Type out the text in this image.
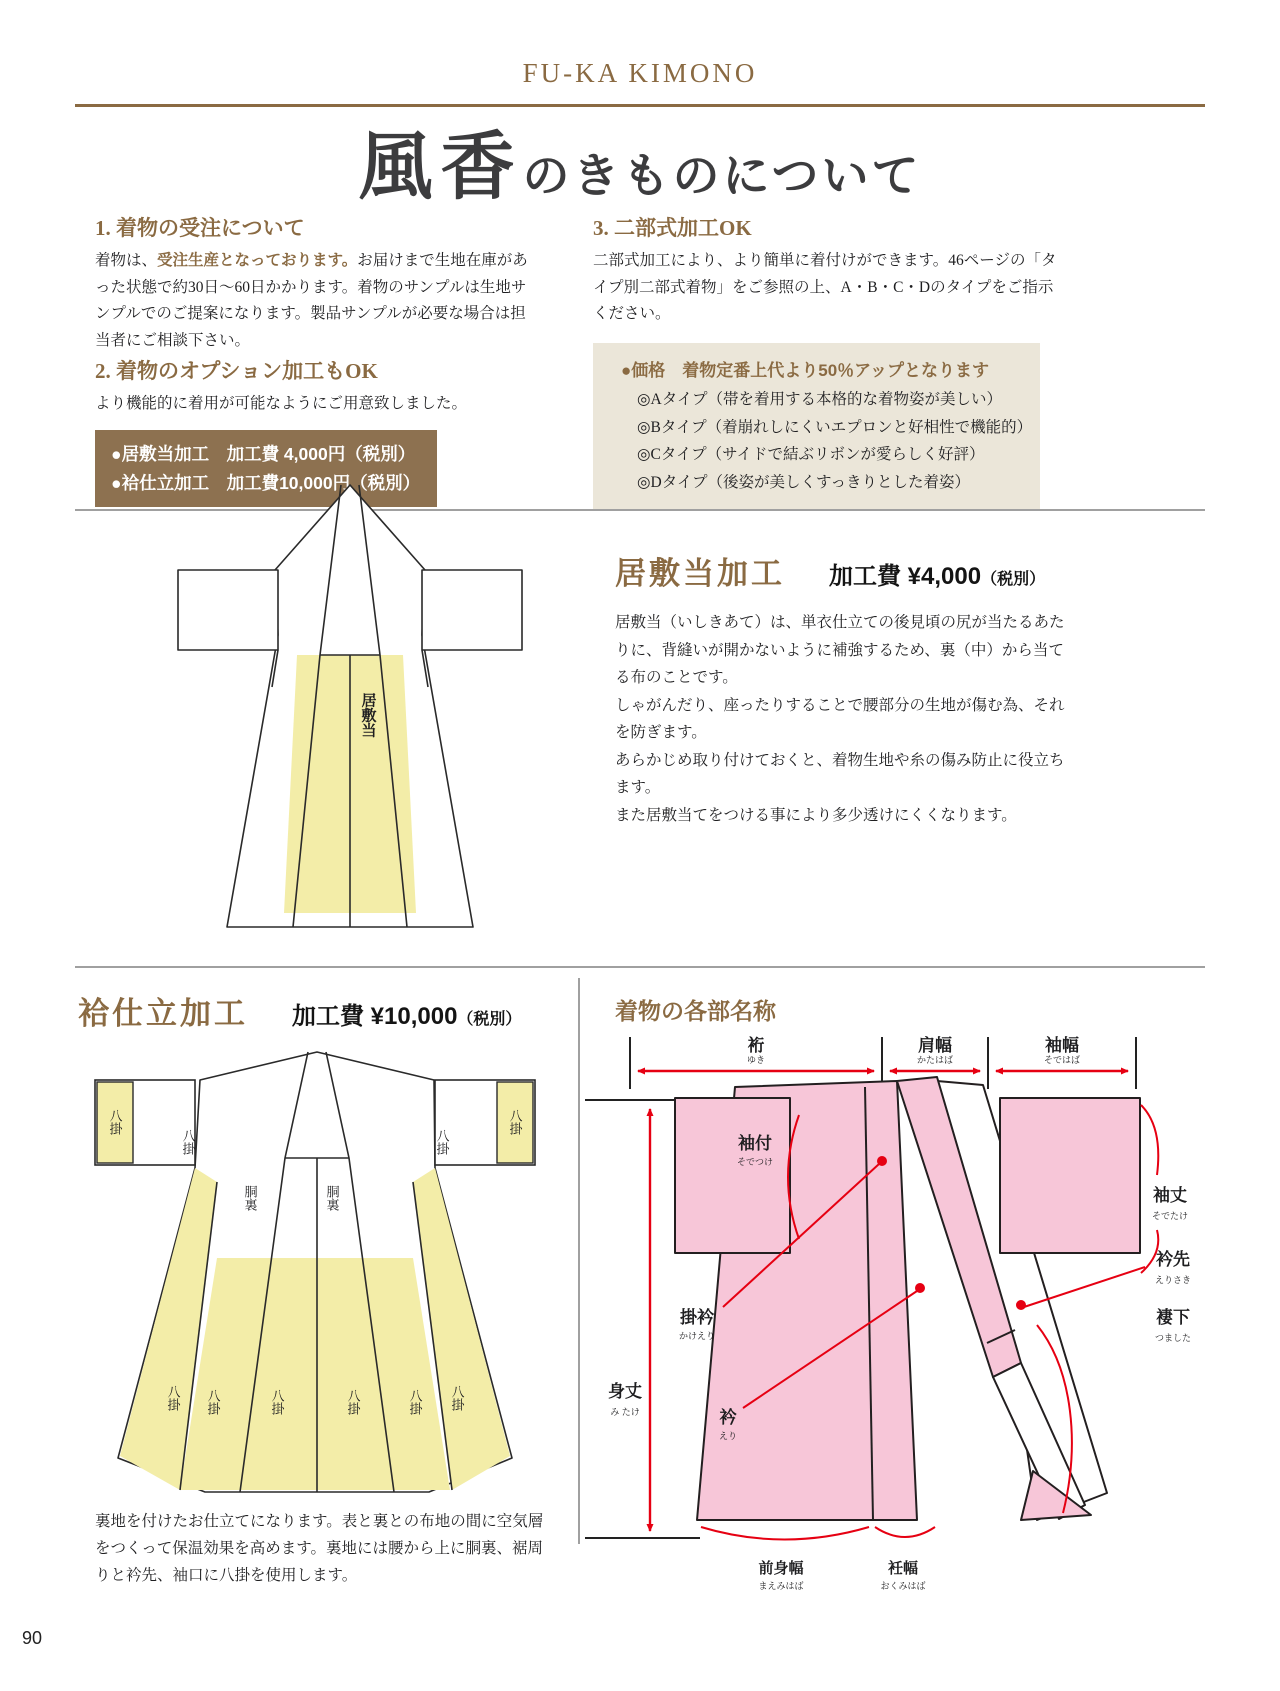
FU-KA KIMONO
風香のきものについて
1. 着物の受注について

着物は、受注生産となっております。お届けまで生地在庫があった状態で約30日〜60日かかります。着物のサンプルは生地サンプルでのご提案になります。製品サンプルが必要な場合は担当者にご相談下さい。

2. 着物のオプション加工もOK

より機能的に着用が可能なようにご用意致しました。

●居敷当加工　加工費 4,000円（税別）
●袷仕立加工　加工費10,000円（税別）
3. 二部式加工OK

二部式加工により、より簡単に着付けができます。46ページの「タイプ別二部式着物」をご参照の上、A・B・C・Dのタイプをご指示ください。

●価格　着物定番上代より50％アップとなります
◎Aタイプ（帯を着用する本格的な着物姿が美しい）
◎Bタイプ（着崩れしにくいエプロンと好相性で機能的）
◎Cタイプ（サイドで結ぶリボンが愛らしく好評）
◎Dタイプ（後姿が美しくすっきりとした着姿）
居敷当
居敷当加工 加工費 ¥4,000（税別）

居敷当（いしきあて）は、単衣仕立ての後見頃の尻が当たるあたりに、背縫いが開かないように補強するため、裏（中）から当てる布のことです。

しゃがんだり、座ったりすることで腰部分の生地が傷む為、それを防ぎます。

あらかじめ取り付けておくと、着物生地や糸の傷み防止に役立ちます。

また居敷当てをつける事により多少透けにくくなります。

袷仕立加工 加工費 ¥10,000（税別）
八掛	八掛
八掛	八掛
胴裏	胴裏
八掛 八掛	八掛	八掛	八掛 八掛

裏地を付けたお仕立てになります。表と裏との布地の間に空気層をつくって保温効果を高めます。裏地には腰から上に胴裏、裾周りと衿先、袖口に八掛を使用します。

着物の各部名称
裄
ゆき
肩幅
かたはば
袖幅
そではば
身丈
み たけ
袖付
そでつけ
袖丈
そでたけ
掛衿
かけえり
衿
えり
衿先
えりさき
褄下
つました
前身幅
まえみはば
衽幅
おくみはば
90
